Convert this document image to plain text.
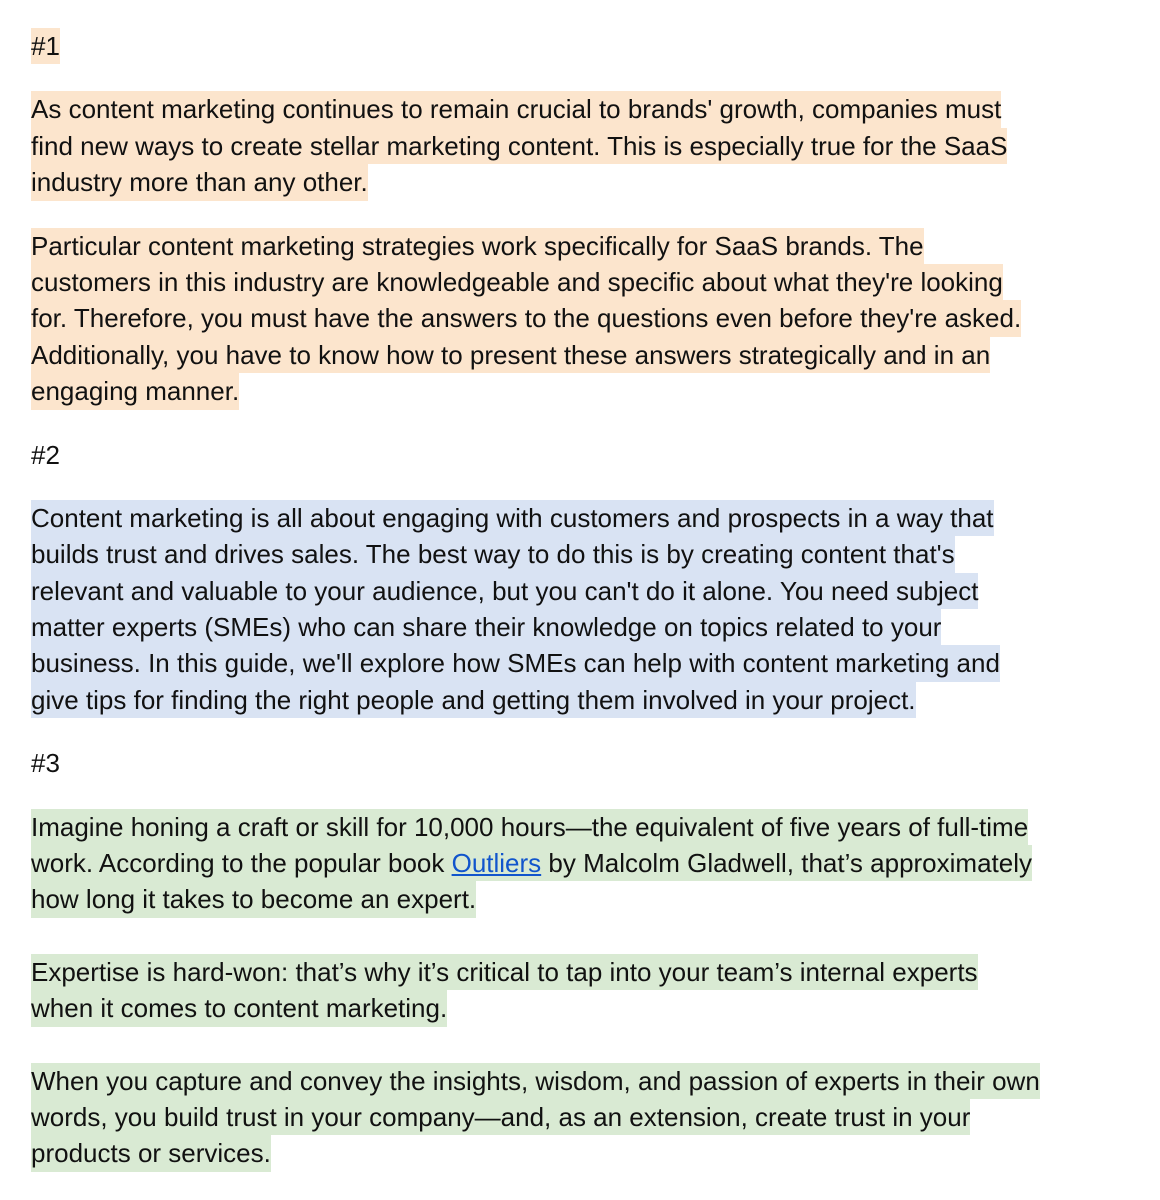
#1
As content marketing continues to remain crucial to brands' growth, companies must
find new ways to create stellar marketing content. This is especially true for the SaaS
industry more than any other.
Particular content marketing strategies work specifically for SaaS brands. The
customers in this industry are knowledgeable and specific about what they're looking
for. Therefore, you must have the answers to the questions even before they're asked.
Additionally, you have to know how to present these answers strategically and in an
engaging manner.
#2
Content marketing is all about engaging with customers and prospects in a way that
builds trust and drives sales. The best way to do this is by creating content that's
relevant and valuable to your audience, but you can't do it alone. You need subject
matter experts (SMEs) who can share their knowledge on topics related to your
business. In this guide, we'll explore how SMEs can help with content marketing and
give tips for finding the right people and getting them involved in your project.
#3
Imagine honing a craft or skill for 10,000 hours—the equivalent of five years of full-time
work. According to the popular book Outliers by Malcolm Gladwell, that’s approximately
how long it takes to become an expert.
Expertise is hard-won: that’s why it’s critical to tap into your team’s internal experts
when it comes to content marketing.
When you capture and convey the insights, wisdom, and passion of experts in their own
words, you build trust in your company—and, as an extension, create trust in your
products or services.
